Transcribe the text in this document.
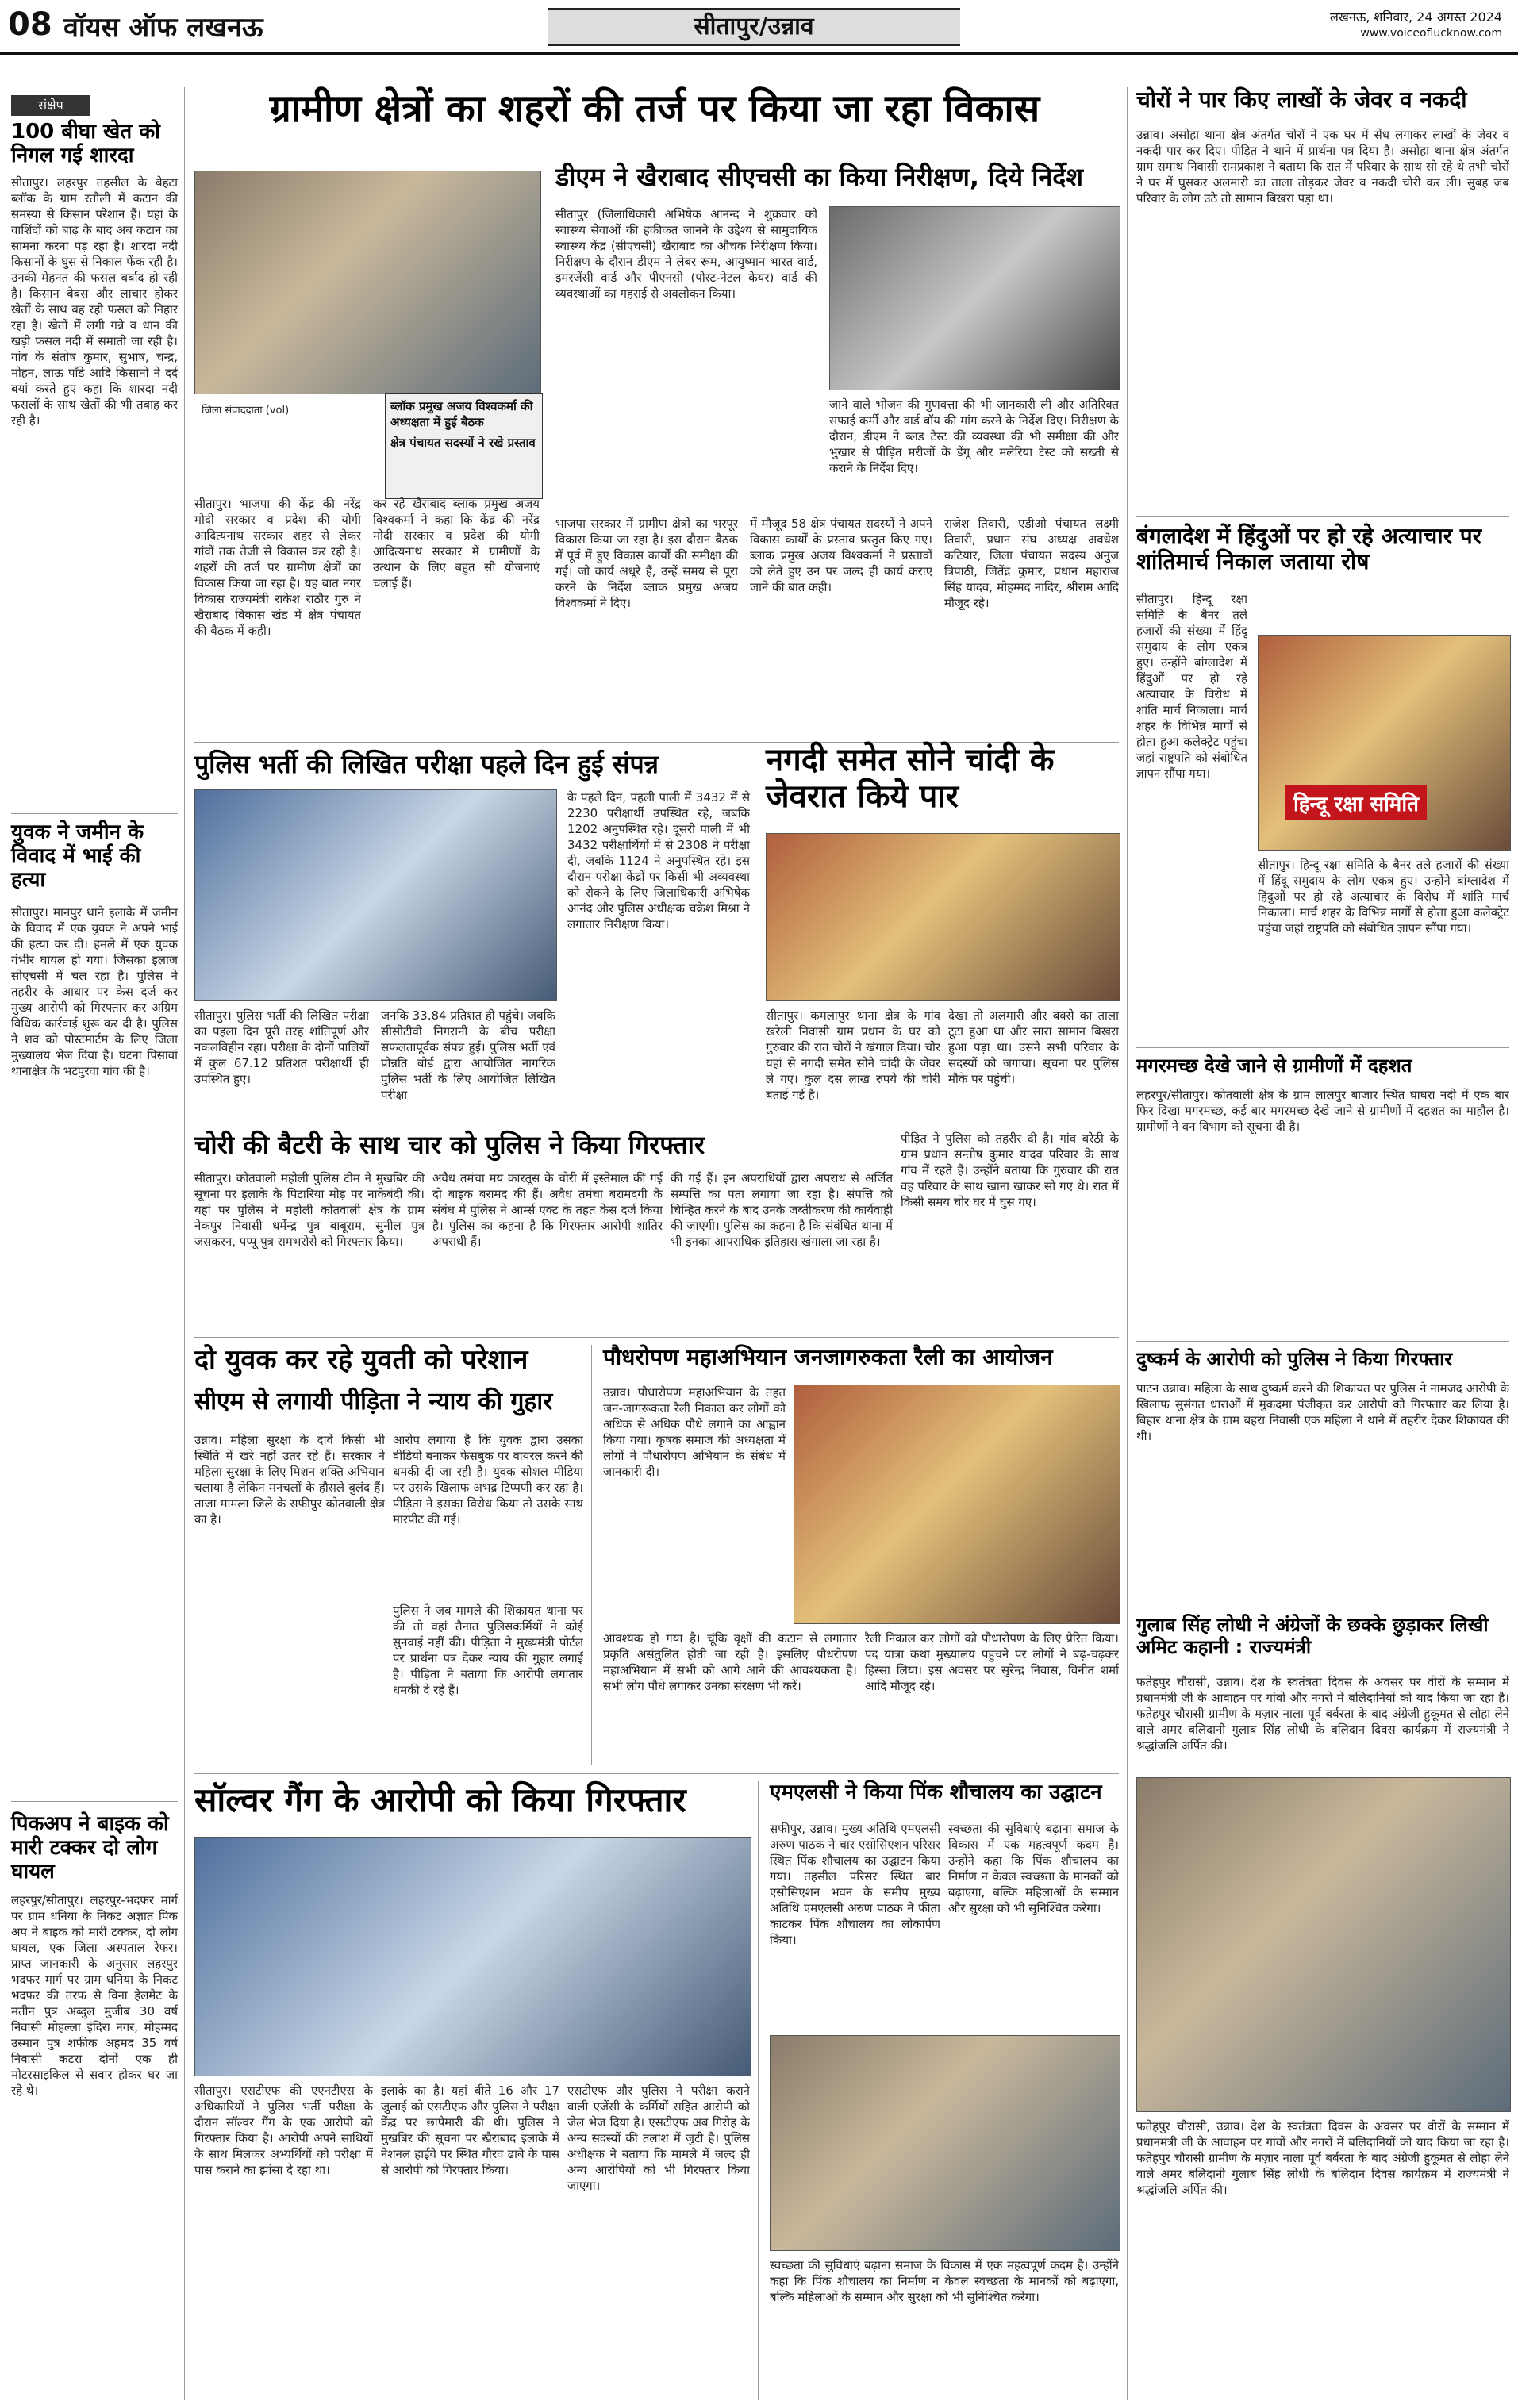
08 वॉयस ऑफ लखनऊ	सीतापुर/उन्नाव	लखनऊ, शनिवार, 24 अगस्त 2024
www.voiceoflucknow.com
संक्षेप
100 बीघा खेत को निगल गई शारदा
सीतापुर। लहरपुर तहसील के बेहटा ब्लॉक के ग्राम रतौली में कटान की समस्या से किसान परेशान हैं। यहां के वाशिंदों को बाढ़ के बाद अब कटान का सामना करना पड़ रहा है। शारदा नदी किसानों के घुस से निकाल फेंक रही है। उनकी मेहनत की फसल बर्बाद हो रही है। किसान बेबस और लाचार होकर खेतों के साथ बह रही फसल को निहार रहा है। खेतों में लगी गन्ने व धान की खड़ी फसल नदी में समाती जा रही है। गांव के संतोष कुमार, सुभाष, चन्द्र, मोहन, लाऊ पाँडे आदि किसानों ने दर्द बयां करते हुए कहा कि शारदा नदी फसलों के साथ खेतों की भी तबाह कर रही है।
युवक ने जमीन के विवाद में भाई की हत्या
सीतापुर। मानपुर थाने इलाके में जमीन के विवाद में एक युवक ने अपने भाई की हत्या कर दी। हमले में एक युवक गंभीर घायल हो गया। जिसका इलाज सीएचसी में चल रहा है। पुलिस ने तहरीर के आधार पर केस दर्ज कर मुख्य आरोपी को गिरफ्तार कर अग्रिम विधिक कार्रवाई शुरू कर दी है। पुलिस ने शव को पोस्टमार्टम के लिए जिला मुख्यालय भेज दिया है। घटना पिसावां थानाक्षेत्र के भटपुरवा गांव की है।
पिकअप ने बाइक को मारी टक्कर दो लोग घायल
लहरपुर/सीतापुर। लहरपुर-भदफर मार्ग पर ग्राम धनिया के निकट अज्ञात पिक अप ने बाइक को मारी टक्कर, दो लोग घायल, एक जिला अस्पताल रेफर। प्राप्त जानकारी के अनुसार लहरपुर भदफर मार्ग पर ग्राम धनिया के निकट भदफर की तरफ से विना हेलमेट के मतीन पुत्र अब्दुल मुजीब 30 वर्ष निवासी मोहल्ला इंदिरा नगर, मोहम्मद उस्मान पुत्र शफीक अहमद 35 वर्ष निवासी कटरा दोनों एक ही मोटरसाइकिल से सवार होकर घर जा रहे थे।
ग्रामीण क्षेत्रों का शहरों की तर्ज पर किया जा रहा विकास
जिला संवाददाता (vol)	ब्लॉक प्रमुख अजय विश्वकर्मा की अध्यक्षता में हुई बैठक
क्षेत्र पंचायत सदस्यों ने रखे प्रस्ताव
सीतापुर। भाजपा की केंद्र की नरेंद्र मोदी सरकार व प्रदेश की योगी आदित्यनाथ सरकार शहर से लेकर गांवों तक तेजी से विकास कर रही है। शहरों की तर्ज पर ग्रामीण क्षेत्रों का विकास किया जा रहा है। यह बात नगर विकास राज्यमंत्री राकेश राठौर गुरु ने खैराबाद विकास खंड में क्षेत्र पंचायत की बैठक में कही।
कर रहे खैराबाद ब्लाक प्रमुख अजय विश्वकर्मा ने कहा कि केंद्र की नरेंद्र मोदी सरकार व प्रदेश की योगी आदित्यनाथ सरकार में ग्रामीणों के उत्थान के लिए बहुत सी योजनाएं चलाई हैं।
डीएम ने खैराबाद सीएचसी का किया निरीक्षण, दिये निर्देश
सीतापुर (जिलाधिकारी अभिषेक आनन्द ने शुक्रवार को स्वास्थ्य सेवाओं की हकीकत जानने के उद्देश्य से सामुदायिक स्वास्थ्य केंद्र (सीएचसी) खैराबाद का औचक निरीक्षण किया। निरीक्षण के दौरान डीएम ने लेबर रूम, आयुष्मान भारत वार्ड, इमरजेंसी वार्ड और पीएनसी (पोस्ट-नेटल केयर) वार्ड की व्यवस्थाओं का गहराई से अवलोकन किया।
जाने वाले भोजन की गुणवत्ता की भी जानकारी ली और अतिरिक्त सफाई कर्मी और वार्ड बॉय की मांग करने के निर्देश दिए। निरीक्षण के दौरान, डीएम ने ब्लड टेस्ट की व्यवस्था की भी समीक्षा की और भुखार से पीड़ित मरीजों के डेंगू और मलेरिया टेस्ट को सख्ती से कराने के निर्देश दिए।
भाजपा सरकार में ग्रामीण क्षेत्रों का भरपूर विकास किया जा रहा है। इस दौरान बैठक में पूर्व में हुए विकास कार्यों की समीक्षा की गई। जो कार्य अधूरे हैं, उन्हें समय से पूरा करने के निर्देश ब्लाक प्रमुख अजय विश्वकर्मा ने दिए।
में मौजूद 58 क्षेत्र पंचायत सदस्यों ने अपने विकास कार्यों के प्रस्ताव प्रस्तुत किए गए। ब्लाक प्रमुख अजय विश्वकर्मा ने प्रस्तावों को लेते हुए उन पर जल्द ही कार्य कराए जाने की बात कही।
राजेश तिवारी, एडीओ पंचायत लक्ष्मी तिवारी, प्रधान संघ अध्यक्ष अवधेश कटियार, जिला पंचायत सदस्य अनुज त्रिपाठी, जितेंद्र कुमार, प्रधान महाराज सिंह यादव, मोहम्मद नादिर, श्रीराम आदि मौजूद रहे।
पुलिस भर्ती की लिखित परीक्षा पहले दिन हुई संपन्न
सीतापुर। पुलिस भर्ती की लिखित परीक्षा का पहला दिन पूरी तरह शांतिपूर्ण और नकलविहीन रहा। परीक्षा के दोनों पालियों में कुल 67.12 प्रतिशत परीक्षार्थी ही उपस्थित हुए।
जनकि 33.84 प्रतिशत ही पहुंचे। जबकि सीसीटीवी निगरानी के बीच परीक्षा सफलतापूर्वक संपन्न हुई। पुलिस भर्ती एवं प्रोन्नति बोर्ड द्वारा आयोजित नागरिक पुलिस भर्ती के लिए आयोजित लिखित परीक्षा
के पहले दिन, पहली पाली में 3432 में से 2230 परीक्षार्थी उपस्थित रहे, जबकि 1202 अनुपस्थित रहे। दूसरी पाली में भी 3432 परीक्षार्थियों में से 2308 ने परीक्षा दी, जबकि 1124 ने अनुपस्थित रहे। इस दौरान परीक्षा केंद्रों पर किसी भी अव्यवस्था को रोकने के लिए जिलाधिकारी अभिषेक आनंद और पुलिस अधीक्षक चक्रेश मिश्रा ने लगातार निरीक्षण किया।
नगदी समेत सोने चांदी के जेवरात किये पार
सीतापुर। कमलापुर थाना क्षेत्र के गांव खरेली निवासी ग्राम प्रधान के घर को गुरुवार की रात चोरों ने खंगाल दिया। चोर यहां से नगदी समेत सोने चांदी के जेवर ले गए। कुल दस लाख रुपये की चोरी बताई गई है।
देखा तो अलमारी और बक्से का ताला टूटा हुआ था और सारा सामान बिखरा हुआ पड़ा था। उसने सभी परिवार के सदस्यों को जगाया। सूचना पर पुलिस मौके पर पहुंची।
चोरी की बैटरी के साथ चार को पुलिस ने किया गिरफ्तार
सीतापुर। कोतवाली महोली पुलिस टीम ने मुखबिर की सूचना पर इलाके के पिटारिया मोड़ पर नाकेबंदी की। यहां पर पुलिस ने महोली कोतवाली क्षेत्र के ग्राम नेकपुर निवासी धर्मेन्द्र पुत्र बाबूराम, सुनील पुत्र जसकरन, पप्पू पुत्र रामभरोसे को गिरफ्तार किया।
अवैध तमंचा मय कारतूस के चोरी में इस्तेमाल की गई दो बाइक बरामद की हैं। अवैध तमंचा बरामदगी के संबंध में पुलिस ने आर्म्स एक्ट के तहत केस दर्ज किया है। पुलिस का कहना है कि गिरफ्तार आरोपी शातिर अपराधी हैं।
की गई हैं। इन अपराधियों द्वारा अपराध से अर्जित सम्पत्ति का पता लगाया जा रहा है। संपत्ति को चिन्हित करने के बाद उनके जब्तीकरण की कार्यवाही की जाएगी। पुलिस का कहना है कि संबंधित थाना में भी इनका आपराधिक इतिहास खंगाला जा रहा है।
पीड़ित ने पुलिस को तहरीर दी है। गांव बरेठी के ग्राम प्रधान सन्तोष कुमार यादव परिवार के साथ गांव में रहते हैं। उन्होंने बताया कि गुरुवार की रात वह परिवार के साथ खाना खाकर सो गए थे। रात में किसी समय चोर घर में घुस गए।
दो युवक कर रहे युवती को परेशान
सीएम से लगायी पीड़िता ने न्याय की गुहार
उन्नाव। महिला सुरक्षा के दावे किसी भी स्थिति में खरे नहीं उतर रहे हैं। सरकार ने महिला सुरक्षा के लिए मिशन शक्ति अभियान चलाया है लेकिन मनचलों के हौसले बुलंद हैं। ताजा मामला जिले के सफीपुर कोतवाली क्षेत्र का है।
आरोप लगाया है कि युवक द्वारा उसका वीडियो बनाकर फेसबुक पर वायरल करने की धमकी दी जा रही है। युवक सोशल मीडिया पर उसके खिलाफ अभद्र टिप्पणी कर रहा है। पीड़िता ने इसका विरोध किया तो उसके साथ मारपीट की गई।
पुलिस ने जब मामले की शिकायत थाना पर की तो वहां तैनात पुलिसकर्मियों ने कोई सुनवाई नहीं की। पीड़िता ने मुख्यमंत्री पोर्टल पर प्रार्थना पत्र देकर न्याय की गुहार लगाई है। पीड़िता ने बताया कि आरोपी लगातार धमकी दे रहे हैं।
पौधरोपण महाअभियान जनजागरुकता रैली का आयोजन
उन्नाव। पौधारोपण महाअभियान के तहत जन-जागरूकता रैली निकाल कर लोगों को अधिक से अधिक पौधे लगाने का आह्वान किया गया। कृषक समाज की अध्यक्षता में लोगों ने पौधारोपण अभियान के संबंध में जानकारी दी।
आवश्यक हो गया है। चूंकि वृक्षों की कटान से लगातार प्रकृति असंतुलित होती जा रही है। इसलिए पौधरोपण महाअभियान में सभी को आगे आने की आवश्यकता है। सभी लोग पौधे लगाकर उनका संरक्षण भी करें।
रैली निकाल कर लोगों को पौधारोपण के लिए प्रेरित किया। पद यात्रा कथा मुख्यालय पहुंचने पर लोगों ने बढ़-चढ़कर हिस्सा लिया। इस अवसर पर सुरेन्द्र निवास, विनीत शर्मा आदि मौजूद रहे।
सॉल्वर गैंग के आरोपी को किया गिरफ्तार
सीतापुर। एसटीएफ की एएनटीएस के अधिकारियों ने पुलिस भर्ती परीक्षा के दौरान सॉल्वर गैंग के एक आरोपी को गिरफ्तार किया है। आरोपी अपने साथियों के साथ मिलकर अभ्यर्थियों को परीक्षा में पास कराने का झांसा दे रहा था।
इलाके का है। यहां बीते 16 और 17 जुलाई को एसटीएफ और पुलिस ने परीक्षा केंद्र पर छापेमारी की थी। पुलिस ने मुखबिर की सूचना पर खैराबाद इलाके में नेशनल हाईवे पर स्थित गौरव ढाबे के पास से आरोपी को गिरफ्तार किया।
एसटीएफ और पुलिस ने परीक्षा कराने वाली एजेंसी के कर्मियों सहित आरोपी को जेल भेज दिया है। एसटीएफ अब गिरोह के अन्य सदस्यों की तलाश में जुटी है। पुलिस अधीक्षक ने बताया कि मामले में जल्द ही अन्य आरोपियों को भी गिरफ्तार किया जाएगा।
एमएलसी ने किया पिंक शौचालय का उद्घाटन
सफीपुर, उन्नाव। मुख्य अतिथि एमएलसी अरुण पाठक ने चार एसोसिएशन परिसर स्थित पिंक शौचालय का उद्घाटन किया गया। तहसील परिसर स्थित बार एसोसिएशन भवन के समीप मुख्य अतिथि एमएलसी अरुण पाठक ने फीता काटकर पिंक शौचालय का लोकार्पण किया।
स्वच्छता की सुविधाएं बढ़ाना समाज के विकास में एक महत्वपूर्ण कदम है। उन्होंने कहा कि पिंक शौचालय का निर्माण न केवल स्वच्छता के मानकों को बढ़ाएगा, बल्कि महिलाओं के सम्मान और सुरक्षा को भी सुनिश्चित करेगा।
स्वच्छता की सुविधाएं बढ़ाना समाज के विकास में एक महत्वपूर्ण कदम है। उन्होंने कहा कि पिंक शौचालय का निर्माण न केवल स्वच्छता के मानकों को बढ़ाएगा, बल्कि महिलाओं के सम्मान और सुरक्षा को भी सुनिश्चित करेगा।
चोरों ने पार किए लाखों के जेवर व नकदी
उन्नाव। असोहा थाना क्षेत्र अंतर्गत चोरों ने एक घर में सेंध लगाकर लाखों के जेवर व नकदी पार कर दिए। पीड़ित ने थाने में प्रार्थना पत्र दिया है। असोहा थाना क्षेत्र अंतर्गत ग्राम समाथ निवासी रामप्रकाश ने बताया कि रात में परिवार के साथ सो रहे थे तभी चोरों ने घर में घुसकर अलमारी का ताला तोड़कर जेवर व नकदी चोरी कर ली। सुबह जब परिवार के लोग उठे तो सामान बिखरा पड़ा था।
बंगलादेश में हिंदुओं पर हो रहे अत्याचार पर शांतिमार्च निकाल जताया रोष
सीतापुर। हिन्दू रक्षा समिति के बैनर तले हजारों की संख्या में हिंदू समुदाय के लोग एकत्र हुए। उन्होंने बांग्लादेश में हिंदुओं पर हो रहे अत्याचार के विरोध में शांति मार्च निकाला। मार्च शहर के विभिन्न मार्गों से होता हुआ कलेक्ट्रेट पहुंचा जहां राष्ट्रपति को संबोधित ज्ञापन सौंपा गया।
हिन्दू रक्षा समिति
सीतापुर। हिन्दू रक्षा समिति के बैनर तले हजारों की संख्या में हिंदू समुदाय के लोग एकत्र हुए। उन्होंने बांग्लादेश में हिंदुओं पर हो रहे अत्याचार के विरोध में शांति मार्च निकाला। मार्च शहर के विभिन्न मार्गों से होता हुआ कलेक्ट्रेट पहुंचा जहां राष्ट्रपति को संबोधित ज्ञापन सौंपा गया।
मगरमच्छ देखे जाने से ग्रामीणों में दहशत
लहरपुर/सीतापुर। कोतवाली क्षेत्र के ग्राम लालपुर बाजार स्थित घाघरा नदी में एक बार फिर दिखा मगरमच्छ, कई बार मगरमच्छ देखे जाने से ग्रामीणों में दहशत का माहौल है। ग्रामीणों ने वन विभाग को सूचना दी है।
दुष्कर्म के आरोपी को पुलिस ने किया गिरफ्तार
पाटन उन्नाव। महिला के साथ दुष्कर्म करने की शिकायत पर पुलिस ने नामजद आरोपी के खिलाफ सुसंगत धाराओं में मुकदमा पंजीकृत कर आरोपी को गिरफ्तार कर लिया है। बिहार थाना क्षेत्र के ग्राम बहरा निवासी एक महिला ने थाने में तहरीर देकर शिकायत की थी।
गुलाब सिंह लोधी ने अंग्रेजों के छक्के छुड़ाकर लिखी अमिट कहानी : राज्यमंत्री
फतेहपुर चौरासी, उन्नाव। देश के स्वतंत्रता दिवस के अवसर पर वीरों के सम्मान में प्रधानमंत्री जी के आवाहन पर गांवों और नगरों में बलिदानियों को याद किया जा रहा है। फतेहपुर चौरासी ग्रामीण के मज़ार नाला पूर्व बर्बरता के बाद अंग्रेजी हुकूमत से लोहा लेने वाले अमर बलिदानी गुलाब सिंह लोधी के बलिदान दिवस कार्यक्रम में राज्यमंत्री ने श्रद्धांजलि अर्पित की।
फतेहपुर चौरासी, उन्नाव। देश के स्वतंत्रता दिवस के अवसर पर वीरों के सम्मान में प्रधानमंत्री जी के आवाहन पर गांवों और नगरों में बलिदानियों को याद किया जा रहा है। फतेहपुर चौरासी ग्रामीण के मज़ार नाला पूर्व बर्बरता के बाद अंग्रेजी हुकूमत से लोहा लेने वाले अमर बलिदानी गुलाब सिंह लोधी के बलिदान दिवस कार्यक्रम में राज्यमंत्री ने श्रद्धांजलि अर्पित की।
